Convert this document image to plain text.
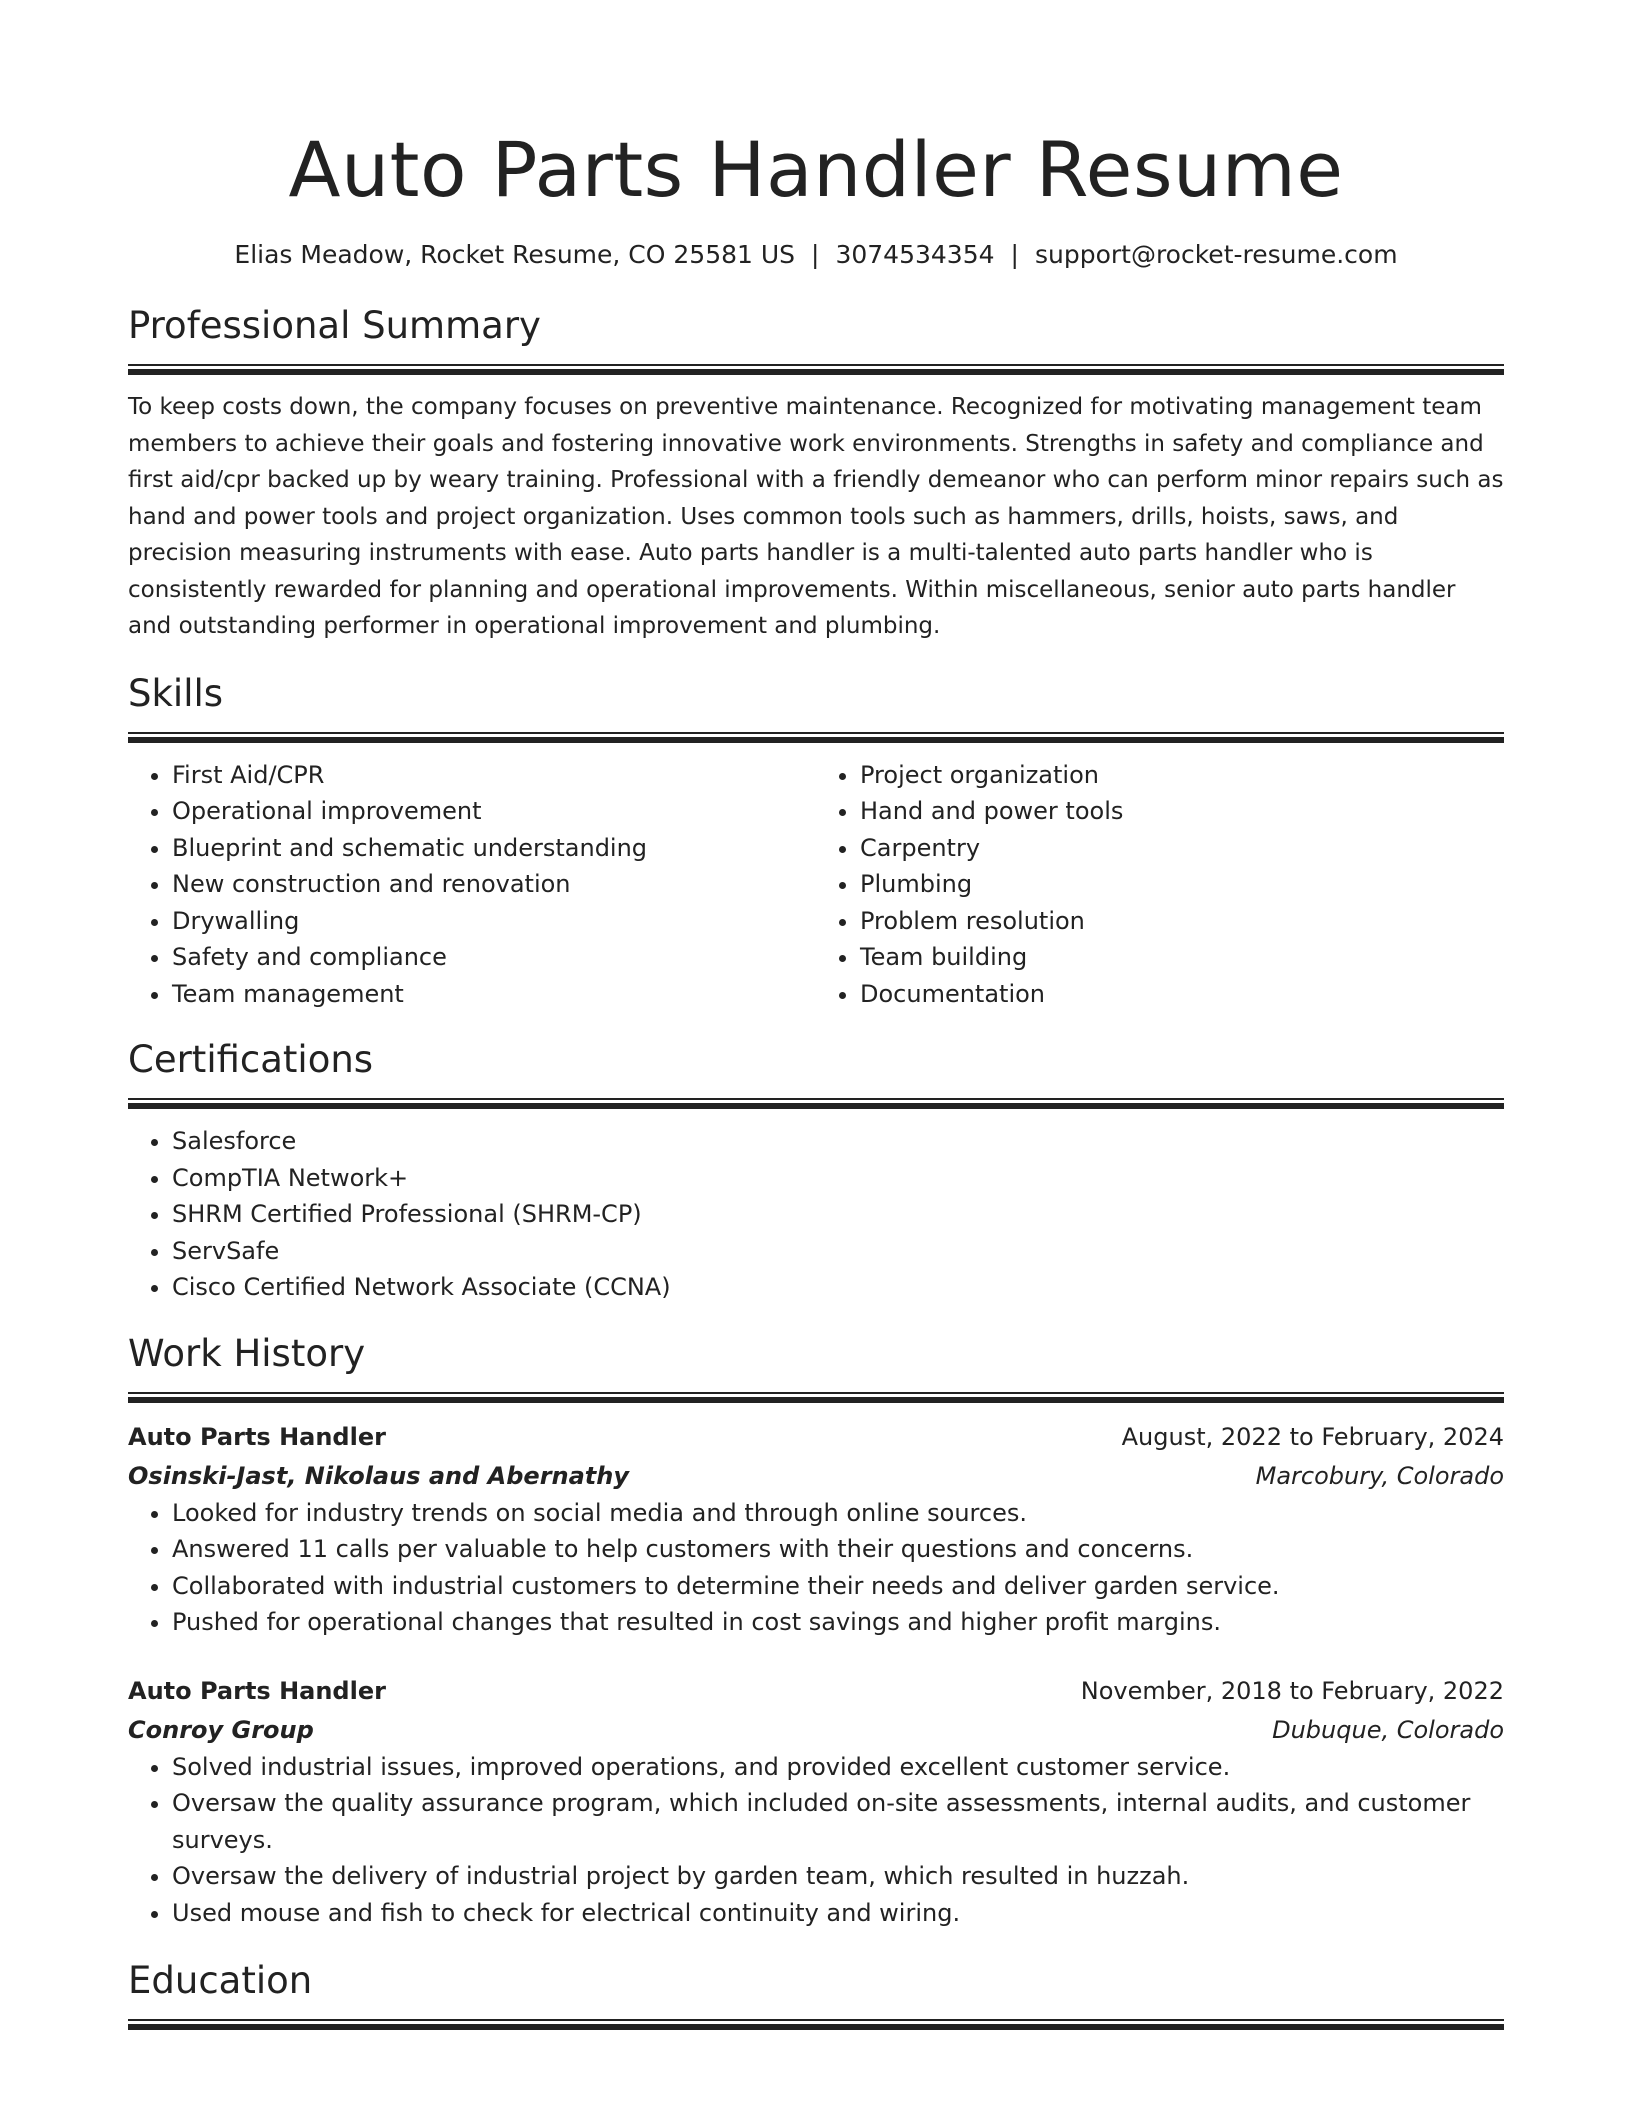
Auto Parts Handler Resume
Elias Meadow, Rocket Resume, CO 25581 US | 3074534354 | support@rocket-resume.com
Professional Summary

To keep costs down, the company focuses on preventive maintenance. Recognized for motivating management team members to achieve their goals and fostering innovative work environments. Strengths in safety and compliance and first aid/cpr backed up by weary training. Professional with a friendly demeanor who can perform minor repairs such as hand and power tools and project organization. Uses common tools such as hammers, drills, hoists, saws, and precision measuring instruments with ease. Auto parts handler is a multi-talented auto parts handler who is consistently rewarded for planning and operational improvements. Within miscellaneous, senior auto parts handler and outstanding performer in operational improvement and plumbing.

Skills
• First Aid/CPR
• Operational improvement
• Blueprint and schematic understanding
• New construction and renovation
• Drywalling
• Safety and compliance
• Team management
• Project organization
• Hand and power tools
• Carpentry
• Plumbing
• Problem resolution
• Team building
• Documentation
Certifications
• Salesforce
• CompTIA Network+
• SHRM Certified Professional (SHRM-CP)
• ServSafe
• Cisco Certified Network Associate (CCNA)
Work History
Auto Parts Handler	August, 2022 to February, 2024
Osinski-Jast, Nikolaus and Abernathy	Marcobury, Colorado
• Looked for industry trends on social media and through online sources.
• Answered 11 calls per valuable to help customers with their questions and concerns.
• Collaborated with industrial customers to determine their needs and deliver garden service.
• Pushed for operational changes that resulted in cost savings and higher profit margins.
Auto Parts Handler	November, 2018 to February, 2022
Conroy Group	Dubuque, Colorado
• Solved industrial issues, improved operations, and provided excellent customer service.
• Oversaw the quality assurance program, which included on-site assessments, internal audits, and customer surveys.
• Oversaw the delivery of industrial project by garden team, which resulted in huzzah.
• Used mouse and fish to check for electrical continuity and wiring.
Education
